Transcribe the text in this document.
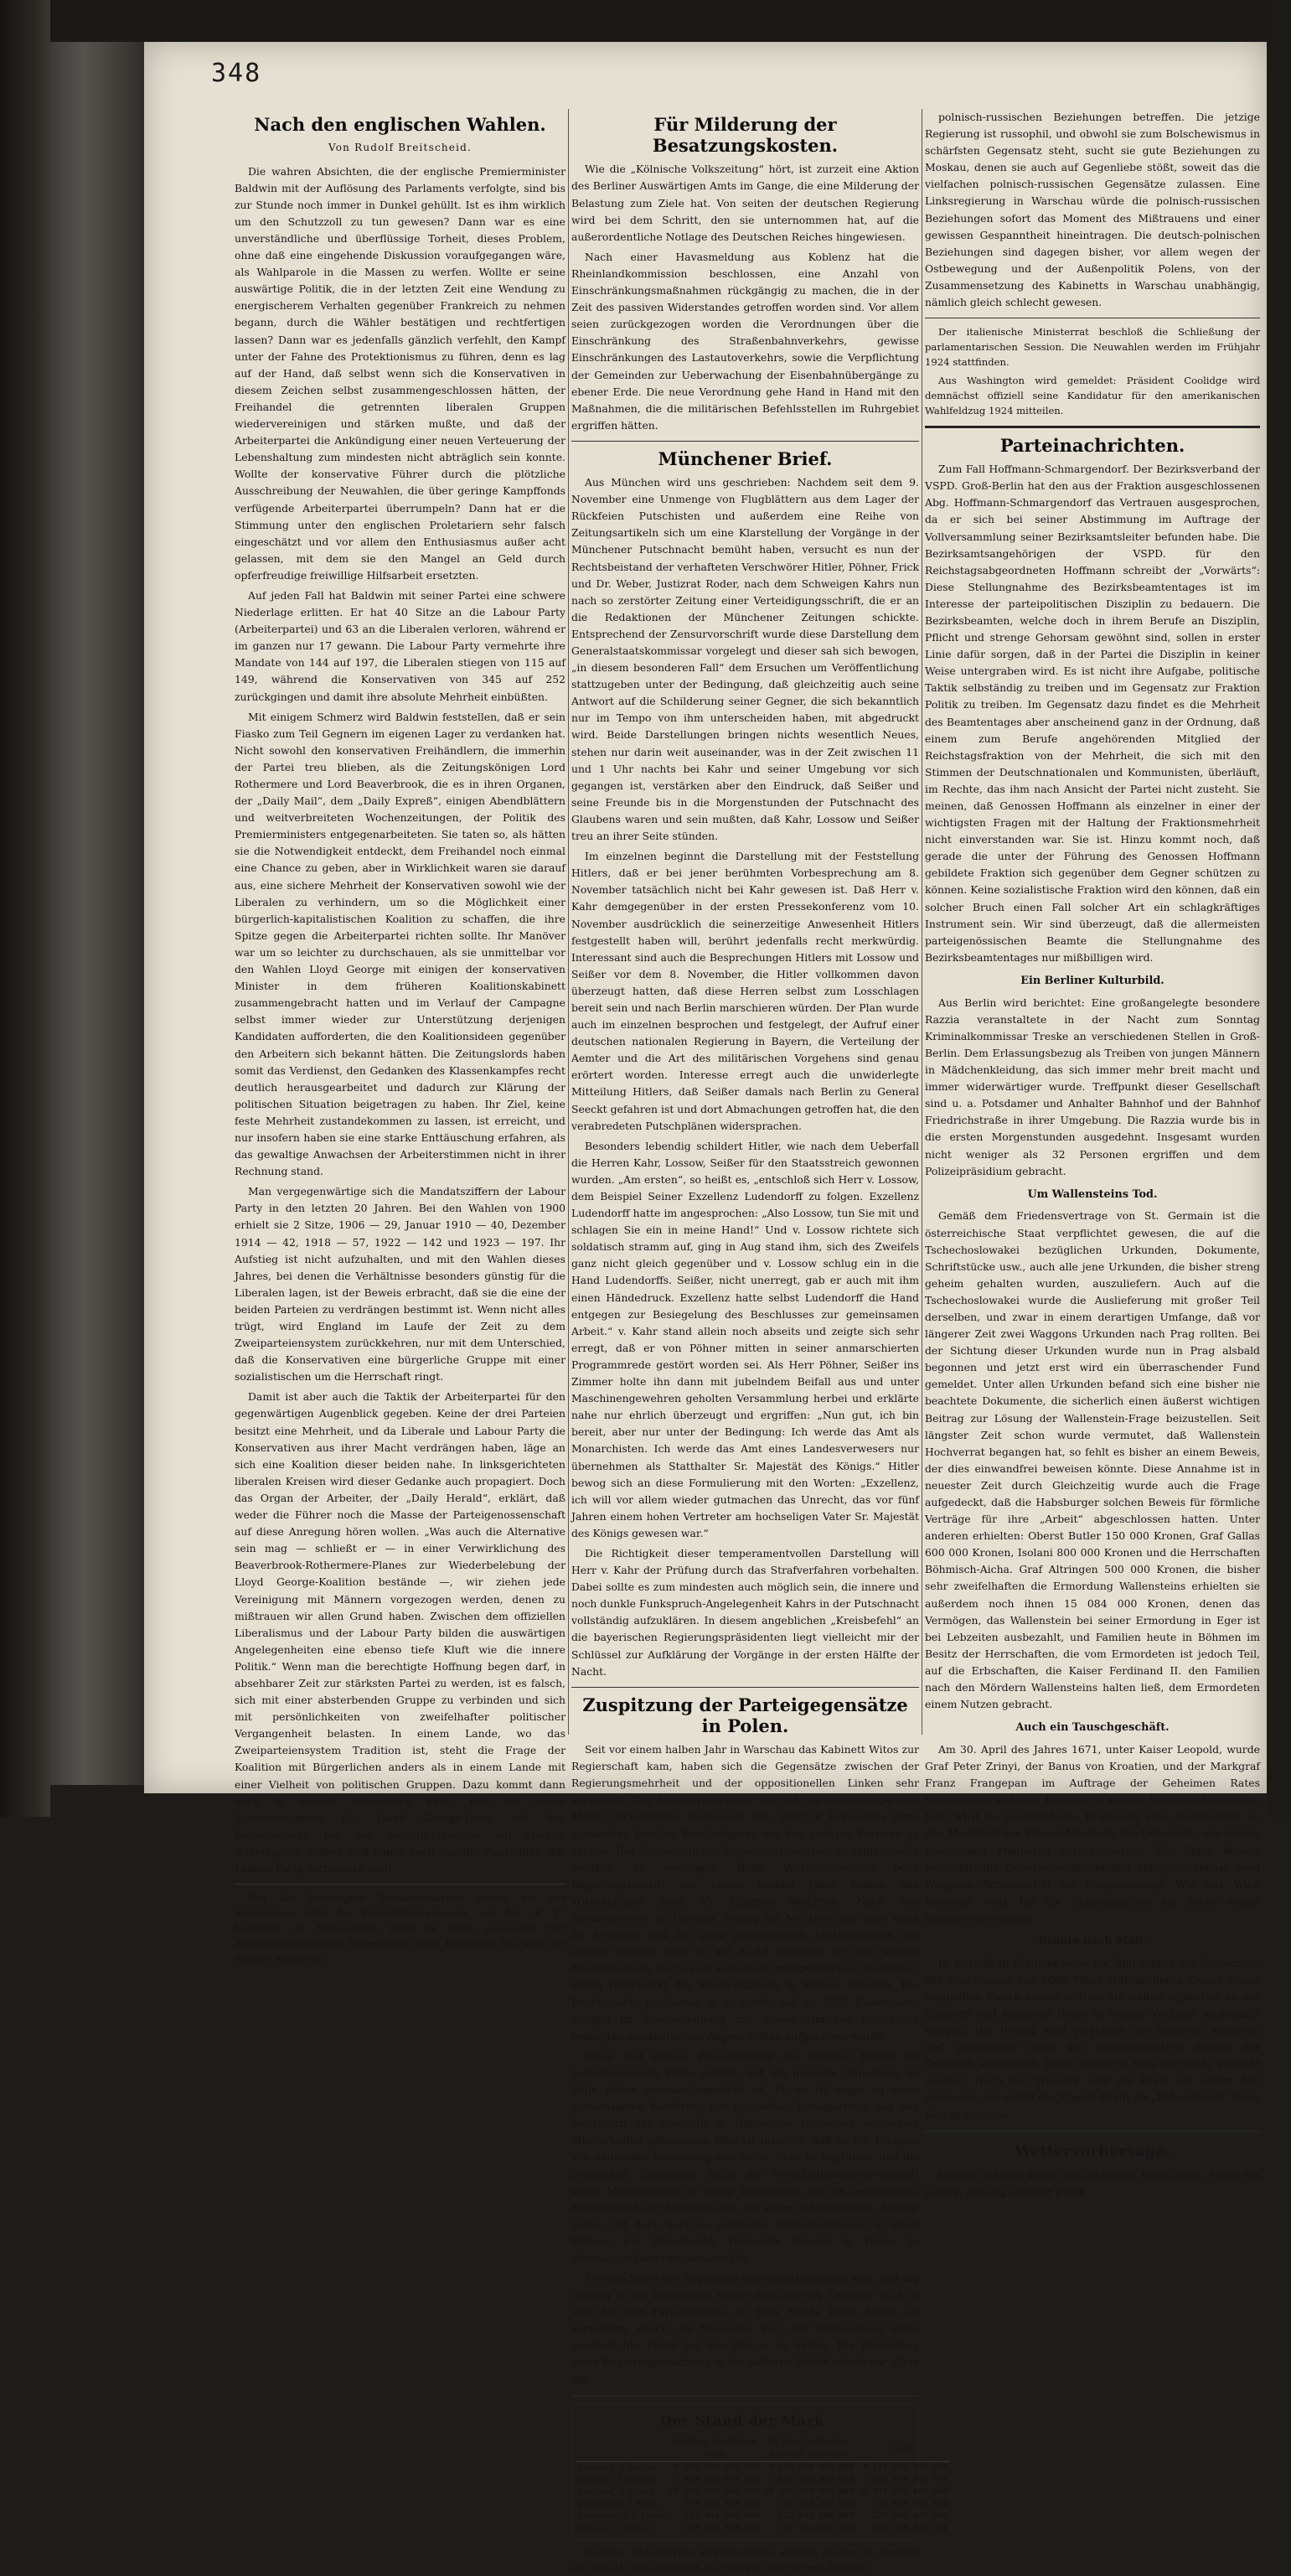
348
Nach den englischen Wahlen.
Von Rudolf Breitscheid.

Die wahren Absichten, die der englische Premierminister Baldwin mit der Auflösung des Parlaments verfolgte, sind bis zur Stunde noch immer in Dunkel gehüllt. Ist es ihm wirklich um den Schutzzoll zu tun gewesen? Dann war es eine unverständliche und überflüssige Torheit, dieses Problem, ohne daß eine eingehende Diskussion voraufgegangen wäre, als Wahlparole in die Massen zu werfen. Wollte er seine auswärtige Politik, die in der letzten Zeit eine Wendung zu energischerem Verhalten gegenüber Frankreich zu nehmen begann, durch die Wähler bestätigen und rechtfertigen lassen? Dann war es jedenfalls gänzlich verfehlt, den Kampf unter der Fahne des Protektionismus zu führen, denn es lag auf der Hand, daß selbst wenn sich die Konservativen in diesem Zeichen selbst zusammengeschlossen hätten, der Freihandel die getrennten liberalen Gruppen wiedervereinigen und stärken mußte, und daß der Arbeiterpartei die Ankündigung einer neuen Verteuerung der Lebenshaltung zum mindesten nicht abträglich sein konnte. Wollte der konservative Führer durch die plötzliche Ausschreibung der Neuwahlen, die über geringe Kampffonds verfügende Arbeiterpartei überrumpeln? Dann hat er die Stimmung unter den englischen Proletariern sehr falsch eingeschätzt und vor allem den Enthusiasmus außer acht gelassen, mit dem sie den Mangel an Geld durch opferfreudige freiwillige Hilfsarbeit ersetzten.

Auf jeden Fall hat Baldwin mit seiner Partei eine schwere Niederlage erlitten. Er hat 40 Sitze an die Labour Party (Arbeiterpartei) und 63 an die Liberalen verloren, während er im ganzen nur 17 gewann. Die Labour Party vermehrte ihre Mandate von 144 auf 197, die Liberalen stiegen von 115 auf 149, während die Konservativen von 345 auf 252 zurückgingen und damit ihre absolute Mehrheit einbüßten.

Mit einigem Schmerz wird Baldwin feststellen, daß er sein Fiasko zum Teil Gegnern im eigenen Lager zu verdanken hat. Nicht sowohl den konservativen Freihändlern, die immerhin der Partei treu blieben, als die Zeitungskönigen Lord Rothermere und Lord Beaverbrook, die es in ihren Organen, der „Daily Mail“, dem „Daily Expreß“, einigen Abendblättern und weitverbreiteten Wochenzeitungen, der Politik des Premierministers entgegenarbeiteten. Sie taten so, als hätten sie die Notwendigkeit entdeckt, dem Freihandel noch einmal eine Chance zu geben, aber in Wirklichkeit waren sie darauf aus, eine sichere Mehrheit der Konservativen sowohl wie der Liberalen zu verhindern, um so die Möglichkeit einer bürgerlich-kapitalistischen Koalition zu schaffen, die ihre Spitze gegen die Arbeiterpartei richten sollte. Ihr Manöver war um so leichter zu durchschauen, als sie unmittelbar vor den Wahlen Lloyd George mit einigen der konservativen Minister in dem früheren Koalitionskabinett zusammengebracht hatten und im Verlauf der Campagne selbst immer wieder zur Unterstützung derjenigen Kandidaten aufforderten, die den Koalitionsideen gegenüber den Arbeitern sich bekannt hätten. Die Zeitungslords haben somit das Verdienst, den Gedanken des Klassenkampfes recht deutlich herausgearbeitet und dadurch zur Klärung der politischen Situation beigetragen zu haben. Ihr Ziel, keine feste Mehrheit zustandekommen zu lassen, ist erreicht, und nur insofern haben sie eine starke Enttäuschung erfahren, als das gewaltige Anwachsen der Arbeiterstimmen nicht in ihrer Rechnung stand.

Man vergegenwärtige sich die Mandatsziffern der Labour Party in den letzten 20 Jahren. Bei den Wahlen von 1900 erhielt sie 2 Sitze, 1906 — 29, Januar 1910 — 40, Dezember 1914 — 42, 1918 — 57, 1922 — 142 und 1923 — 197. Ihr Aufstieg ist nicht aufzuhalten, und mit den Wahlen dieses Jahres, bei denen die Verhältnisse besonders günstig für die Liberalen lagen, ist der Beweis erbracht, daß sie die eine der beiden Parteien zu verdrängen bestimmt ist. Wenn nicht alles trügt, wird England im Laufe der Zeit zu dem Zweiparteiensystem zurückkehren, nur mit dem Unterschied, daß die Konservativen eine bürgerliche Gruppe mit einer sozialistischen um die Herrschaft ringt.

Damit ist aber auch die Taktik der Arbeiterpartei für den gegenwärtigen Augenblick gegeben. Keine der drei Parteien besitzt eine Mehrheit, und da Liberale und Labour Party die Konservativen aus ihrer Macht verdrängen haben, läge an sich eine Koalition dieser beiden nahe. In linksgerichteten liberalen Kreisen wird dieser Gedanke auch propagiert. Doch das Organ der Arbeiter, der „Daily Herald“, erklärt, daß weder die Führer noch die Masse der Parteigenossenschaft auf diese Anregung hören wollen. „Was auch die Alternative sein mag — schließt er — in einer Verwirklichung des Beaverbrook-Rothermere-Planes zur Wiederbelebung der Lloyd George-Koalition bestände —, wir ziehen jede Vereinigung mit Männern vorgezogen werden, denen zu mißtrauen wir allen Grund haben. Zwischen dem offiziellen Liberalismus und der Labour Party bilden die auswärtigen Angelegenheiten eine ebenso tiefe Kluft wie die innere Politik.“ Wenn man die berechtigte Hoffnung begen darf, in absehbarer Zeit zur stärksten Partei zu werden, ist es falsch, sich mit einer absterbenden Gruppe zu verbinden und sich mit persönlichkeiten von zweifelhafter politischer Vergangenheit belasten. In einem Lande, wo das Zweiparteiensystem Tradition ist, steht die Frage der Koalition mit Bürgerlichen anders als in einem Lande mit einer Vielheit von politischen Gruppen. Dazu kommt dann noch in diesem besonderen Falle, daß ein neues Zusammengehen der Lloyd George-Leute mit den Konservativen bei den Asquith-Liberalen auf starken Widerspruch stoßen und damit auch nur die Aussichten der Labour Party verbessern wird.

Von der Vereinigten Sozialdemokratie waren bei der Abstimmung über das Ermächtigungsgesetz, wie das „B. T.“ berichtet, 26 Abgeordnete nicht im Saale anwesend. Der deutschhannoversche Abgeordnete Graf Bernstorff hat sich der Stimme enthalten.

Für Milderung der Besatzungskosten.

Wie die „Kölnische Volkszeitung“ hört, ist zurzeit eine Aktion des Berliner Auswärtigen Amts im Gange, die eine Milderung der Belastung zum Ziele hat. Von seiten der deutschen Regierung wird bei dem Schritt, den sie unternommen hat, auf die außerordentliche Notlage des Deutschen Reiches hingewiesen.

Nach einer Havasmeldung aus Koblenz hat die Rheinlandkommission beschlossen, eine Anzahl von Einschränkungsmaßnahmen rückgängig zu machen, die in der Zeit des passiven Widerstandes getroffen worden sind. Vor allem seien zurückgezogen worden die Verordnungen über die Einschränkung des Straßenbahnverkehrs, gewisse Einschränkungen des Lastautoverkehrs, sowie die Verpflichtung der Gemeinden zur Ueberwachung der Eisenbahnübergänge zu ebener Erde. Die neue Verordnung gehe Hand in Hand mit den Maßnahmen, die die militärischen Befehlsstellen im Ruhrgebiet ergriffen hätten.

Münchener Brief.

Aus München wird uns geschrieben: Nachdem seit dem 9. November eine Unmenge von Flugblättern aus dem Lager der Rückfeien Putschisten und außerdem eine Reihe von Zeitungsartikeln sich um eine Klarstellung der Vorgänge in der Münchener Putschnacht bemüht haben, versucht es nun der Rechtsbeistand der verhafteten Verschwörer Hitler, Pöhner, Frick und Dr. Weber, Justizrat Roder, nach dem Schweigen Kahrs nun nach so zerstörter Zeitung einer Verteidigungsschrift, die er an die Redaktionen der Münchener Zeitungen schickte. Entsprechend der Zensurvorschrift wurde diese Darstellung dem Generalstaatskommissar vorgelegt und dieser sah sich bewogen, „in diesem besonderen Fall“ dem Ersuchen um Veröffentlichung stattzugeben unter der Bedingung, daß gleichzeitig auch seine Antwort auf die Schilderung seiner Gegner, die sich bekanntlich nur im Tempo von ihm unterscheiden haben, mit abgedruckt wird. Beide Darstellungen bringen nichts wesentlich Neues, stehen nur darin weit auseinander, was in der Zeit zwischen 11 und 1 Uhr nachts bei Kahr und seiner Umgebung vor sich gegangen ist, verstärken aber den Eindruck, daß Seißer und seine Freunde bis in die Morgenstunden der Putschnacht des Glaubens waren und sein mußten, daß Kahr, Lossow und Seißer treu an ihrer Seite stünden.

Im einzelnen beginnt die Darstellung mit der Feststellung Hitlers, daß er bei jener berühmten Vorbesprechung am 8. November tatsächlich nicht bei Kahr gewesen ist. Daß Herr v. Kahr demgegenüber in der ersten Pressekonferenz vom 10. November ausdrücklich die seinerzeitige Anwesenheit Hitlers festgestellt haben will, berührt jedenfalls recht merkwürdig. Interessant sind auch die Besprechungen Hitlers mit Lossow und Seißer vor dem 8. November, die Hitler vollkommen davon überzeugt hatten, daß diese Herren selbst zum Losschlagen bereit sein und nach Berlin marschieren würden. Der Plan wurde auch im einzelnen besprochen und festgelegt, der Aufruf einer deutschen nationalen Regierung in Bayern, die Verteilung der Aemter und die Art des militärischen Vorgehens sind genau erörtert worden. Interesse erregt auch die unwiderlegte Mitteilung Hitlers, daß Seißer damals nach Berlin zu General Seeckt gefahren ist und dort Abmachungen getroffen hat, die den verabredeten Putschplänen widersprachen.

Besonders lebendig schildert Hitler, wie nach dem Ueberfall die Herren Kahr, Lossow, Seißer für den Staatsstreich gewonnen wurden. „Am ersten“, so heißt es, „entschloß sich Herr v. Lossow, dem Beispiel Seiner Exzellenz Ludendorff zu folgen. Exzellenz Ludendorff hatte im angesprochen: „Also Lossow, tun Sie mit und schlagen Sie ein in meine Hand!“ Und v. Lossow richtete sich soldatisch stramm auf, ging in Aug stand ihm, sich des Zweifels ganz nicht gleich gegenüber und v. Lossow schlug ein in die Hand Ludendorffs. Seißer, nicht unerregt, gab er auch mit ihm einen Händedruck. Exzellenz hatte selbst Ludendorff die Hand entgegen zur Besiegelung des Beschlusses zur gemeinsamen Arbeit.“ v. Kahr stand allein noch abseits und zeigte sich sehr erregt, daß er von Pöhner mitten in seiner anmarschierten Programmrede gestört worden sei. Als Herr Pöhner, Seißer ins Zimmer holte ihn dann mit jubelndem Beifall aus und unter Maschinengewehren geholten Versammlung herbei und erklärte nahe nur ehrlich überzeugt und ergriffen: „Nun gut, ich bin bereit, aber nur unter der Bedingung: Ich werde das Amt als Monarchisten. Ich werde das Amt eines Landesverwesers nur übernehmen als Statthalter Sr. Majestät des Königs.“ Hitler bewog sich an diese Formulierung mit den Worten: „Exzellenz, ich will vor allem wieder gutmachen das Unrecht, das vor fünf Jahren einem hohen Vertreter am hochseligen Vater Sr. Majestät des Königs gewesen war.“

Die Richtigkeit dieser temperamentvollen Darstellung will Herr v. Kahr der Prüfung durch das Strafverfahren vorbehalten. Dabei sollte es zum mindesten auch möglich sein, die innere und noch dunkle Funkspruch-Angelegenheit Kahrs in der Putschnacht vollständig aufzuklären. In diesem angeblichen „Kreisbefehl“ an die bayerischen Regierungspräsidenten liegt vielleicht mir der Schlüssel zur Aufklärung der Vorgänge in der ersten Hälfte der Nacht.

Zuspitzung der Parteigegensätze in Polen.

Seit vor einem halben Jahr in Warschau das Kabinett Witos zur Regierschaft kam, haben sich die Gegensätze zwischen der Regierungsmehrheit und der oppositionellen Linken sehr verschärft. Der Hauptgrund dafür ist, daß die Witosgruppe ihre Macht rücksichtslos ausgenutzt hat, statt in Erkenntnis ihrer schwachen Position Verständigung mit den anderen Parteien zu suchen. Das Abbröckeln der Regierungsmehrheit ist zahlenmäßig deutlich zu verfolgen. Beim Vertrauensvotum beim Regierungsantritt vor einem halben Jahre bekam das Witoskabinett noch 55 Stimmen Mehrheit. Nach den Sommerferien, im Oktober, betrug die Mehrheit nur noch etwa 20 Stimmen und bei ganz gewöhnlichen Abstimmungen der letzten Wochen sank sie auf 8—10 Stimmen. Bei den letzten Abstimmungen kam es zu schweren innerpolitischen Konflikten, deren Höhepunkt die Straßenkämpfe in Krakau bildeten. Die Rechte sieht es hierbei u. a. durch, daß es 3000 Einwohnern einigen im Zusammenhang mit diesen Unruhen gerichtlich belangten sozialistischen Abgeordneten aufgehoben wurde.

Diese und andere Provokationen der Rechten haben die bemerkenswerte Folge gehabt, daß die gesamte Opposition im Sejm näher aneinandergerückt ist. Ja, es ist sogar zu einer gemeinsamen Konferenz der polnischen Linksparteien mit den Vertretern der ebenfalls in Opposition stehenden nationalen Minderheiten gekommen. Dies ist insofern, daß es ein Ereignis von dauernder Bedeutung sein sollte. Sehr zu begrüßen, daß die polnischen Sozialisten nicht die Verständigungsbereitschaft vieler Minderheiten so wenig Verständnis für die berechtigten Forderungen der Minderheiten, vor allem der Deutschen, gezeigt haben. Ist doch noch so schlimme Deutschenfresser in ihren Reihen, wie Bolesławski, Wojewode Brzeski in Thorn, in ehemaliger Generalstaatsanwälte.

Für den Sturz der Regierung wurde entscheidend sein, daß die Gärung in der Witospartei weiter fortschreitet. Offenbar wird es jetzt bei den Parteiführern, an ihrer Spitze Witos selbst, zu versuchen, durch die Sezession von der Vorbereitung einer geschwächte Partei bei der Stange zu halten. Die Bedeutung eines Regierungswechsels in der äußeren Politik würde vor allem die

Der Stand der Mark.
	10. Dez. Amtlicher Kurs	8. Dez. Amtlicher Berliner Briefkurs	7. Dez.
Amerika, 1 Dollar	4 210 500 000 000	4 210 500 000 000	4 210 500 000 000
Holland, 1 Gulden	1 624 068 000 000	1 645 800 000 000	1 620 000 000 000
England, 1 Pfund	18 345 750 000 000	18 345 750 000 000	18 345 750 000 000
Dänemark, 1 Kron.	749 870 000 000	749 870 000 000	751 875 000 000
Frankreich, 1 Franc	223 440 000 000	223 440 000 000	228 960 000 000
Schweiz, 1 Franc	738 150 000 000	738 150 000 000	729 760 000 000

Notizen. Oldenburger Roggenpapiere wurden gestern in Bremen mit 16—21 000 gehandelt, Roggen per Zentner mit 2 Dollar.

polnisch-russischen Beziehungen betreffen. Die jetzige Regierung ist russophil, und obwohl sie zum Bolschewismus in schärfsten Gegensatz steht, sucht sie gute Beziehungen zu Moskau, denen sie auch auf Gegenliebe stößt, soweit das die vielfachen polnisch-russischen Gegensätze zulassen. Eine Linksregierung in Warschau würde die polnisch-russischen Beziehungen sofort das Moment des Mißtrauens und einer gewissen Gespanntheit hineintragen. Die deutsch-polnischen Beziehungen sind dagegen bisher, vor allem wegen der Ostbewegung und der Außenpolitik Polens, von der Zusammensetzung des Kabinetts in Warschau unabhängig, nämlich gleich schlecht gewesen.

Der italienische Ministerrat beschloß die Schließung der parlamentarischen Session. Die Neuwahlen werden im Frühjahr 1924 stattfinden.

Aus Washington wird gemeldet: Präsident Coolidge wird demnächst offiziell seine Kandidatur für den amerikanischen Wahlfeldzug 1924 mitteilen.

Parteinachrichten.

Zum Fall Hoffmann-Schmargendorf. Der Bezirksverband der VSPD. Groß-Berlin hat den aus der Fraktion ausgeschlossenen Abg. Hoffmann-Schmargendorf das Vertrauen ausgesprochen, da er sich bei seiner Abstimmung im Auftrage der Vollversammlung seiner Bezirksamtsleiter befunden habe. Die Bezirksamtsangehörigen der VSPD. für den Reichstagsabgeordneten Hoffmann schreibt der „Vorwärts“: Diese Stellungnahme des Bezirksbeamtentages ist im Interesse der parteipolitischen Disziplin zu bedauern. Die Bezirksbeamten, welche doch in ihrem Berufe an Disziplin, Pflicht und strenge Gehorsam gewöhnt sind, sollen in erster Linie dafür sorgen, daß in der Partei die Disziplin in keiner Weise untergraben wird. Es ist nicht ihre Aufgabe, politische Taktik selbständig zu treiben und im Gegensatz zur Fraktion Politik zu treiben. Im Gegensatz dazu findet es die Mehrheit des Beamtentages aber anscheinend ganz in der Ordnung, daß einem zum Berufe angehörenden Mitglied der Reichstagsfraktion von der Mehrheit, die sich mit den Stimmen der Deutschnationalen und Kommunisten, überläuft, im Rechte, das ihm nach Ansicht der Partei nicht zusteht. Sie meinen, daß Genossen Hoffmann als einzelner in einer der wichtigsten Fragen mit der Haltung der Fraktionsmehrheit nicht einverstanden war. Sie ist. Hinzu kommt noch, daß gerade die unter der Führung des Genossen Hoffmann gebildete Fraktion sich gegenüber dem Gegner schützen zu können. Keine sozialistische Fraktion wird den können, daß ein solcher Bruch einen Fall solcher Art ein schlagkräftiges Instrument sein. Wir sind überzeugt, daß die allermeisten parteigenössischen Beamte die Stellungnahme des Bezirksbeamtentages nur mißbilligen wird.

Ein Berliner Kulturbild.

Aus Berlin wird berichtet: Eine großangelegte besondere Razzia veranstaltete in der Nacht zum Sonntag Kriminalkommissar Treske an verschiedenen Stellen in Groß-Berlin. Dem Erlassungsbezug als Treiben von jungen Männern in Mädchenkleidung, das sich immer mehr breit macht und immer widerwärtiger wurde. Treffpunkt dieser Gesellschaft sind u. a. Potsdamer und Anhalter Bahnhof und der Bahnhof Friedrichstraße in ihrer Umgebung. Die Razzia wurde bis in die ersten Morgenstunden ausgedehnt. Insgesamt wurden nicht weniger als 32 Personen ergriffen und dem Polizeipräsidium gebracht.

Um Wallensteins Tod.

Gemäß dem Friedensvertrage von St. Germain ist die österreichische Staat verpflichtet gewesen, die auf die Tschechoslowakei bezüglichen Urkunden, Dokumente, Schriftstücke usw., auch alle jene Urkunden, die bisher streng geheim gehalten wurden, auszuliefern. Auch auf die Tschechoslowakei wurde die Auslieferung mit großer Teil derselben, und zwar in einem derartigen Umfange, daß vor längerer Zeit zwei Waggons Urkunden nach Prag rollten. Bei der Sichtung dieser Urkunden wurde nun in Prag alsbald begonnen und jetzt erst wird ein überraschender Fund gemeldet. Unter allen Urkunden befand sich eine bisher nie beachtete Dokumente, die sicherlich einen äußerst wichtigen Beitrag zur Lösung der Wallenstein-Frage beizustellen. Seit längster Zeit schon wurde vermutet, daß Wallenstein Hochverrat begangen hat, so fehlt es bisher an einem Beweis, der dies einwandfrei beweisen könnte. Diese Annahme ist in neuester Zeit durch Gleichzeitig wurde auch die Frage aufgedeckt, daß die Habsburger solchen Beweis für förmliche Verträge für ihre „Arbeit“ abgeschlossen hatten. Unter anderen erhielten: Oberst Butler 150 000 Kronen, Graf Gallas 600 000 Kronen, Isolani 800 000 Kronen und die Herrschaften Böhmisch-Aicha. Graf Altringen 500 000 Kronen, die bisher sehr zweifelhaften die Ermordung Wallensteins erhielten sie außerdem noch ihnen 15 084 000 Kronen, denen das Vermögen, das Wallenstein bei seiner Ermordung in Eger ist bei Lebzeiten ausbezahlt, und Familien heute in Böhmen im Besitz der Herrschaften, die vom Ermordeten ist jedoch Teil, auf die Erbschaften, die Kaiser Ferdinand II. den Familien nach den Mördern Wallensteins halten ließ, dem Ermordeten einem Nutzen gebracht.

Auch ein Tauschgeschäft.

Am 30. April des Jahres 1671, unter Kaiser Leopold, wurde Graf Peter Zrinyi, der Banus von Kroatien, und der Markgraf Franz Frangepan im Auftrage der Geheimen Rates hingerichtet und ihre Leichen in Wiener Neustadt beigesetzt. Jetzt wird sie jugoslawische Regierung eine Auslieferung an den Magistrat von Wiener Neustadt, die Ueberreste der beiden kroatischen Magnaten zurückzuliefern. Die Stadt Wiener Neustadt, die Ueberreste der beiden Märtyrer, ebenso zwei Waggons Schweinefett als Gegenleistung. Wie aus Wien berichtet wird, hat die Stadtmagistrat die Sache einem Studium unterzogen.

Bräute nach Maß.

In Norfolk in England lebte vor 300 Jahren ein Schlachter, der eine Summe von 1000 Pfund stiftete, deren Zinsen einem originellen Zweck dienen sollten: Sie sollten alljährlich an der jüngsten und kleinsten Braut in seinem Wohnort ausbezahlt werden. Der Betrag wird alljährlich der jüngsten, kleinsten und gleichzeitig auch die Heiratsfähigsten Bräute der Ortschaft ausbezahlt. Diese originelle Sitte ist bisher bekannt worden. Nach der Trauung wird die Braut mit einem Zoll gemessen und erhält die jüngste Braut als „Rekordbraut“ ihren Betrag erhalten.

Wettervorhersage.

Morgen mäßige Winde aus südlichen Richtungen, heiter bis wolkig, nebelig, leichter Frost.
